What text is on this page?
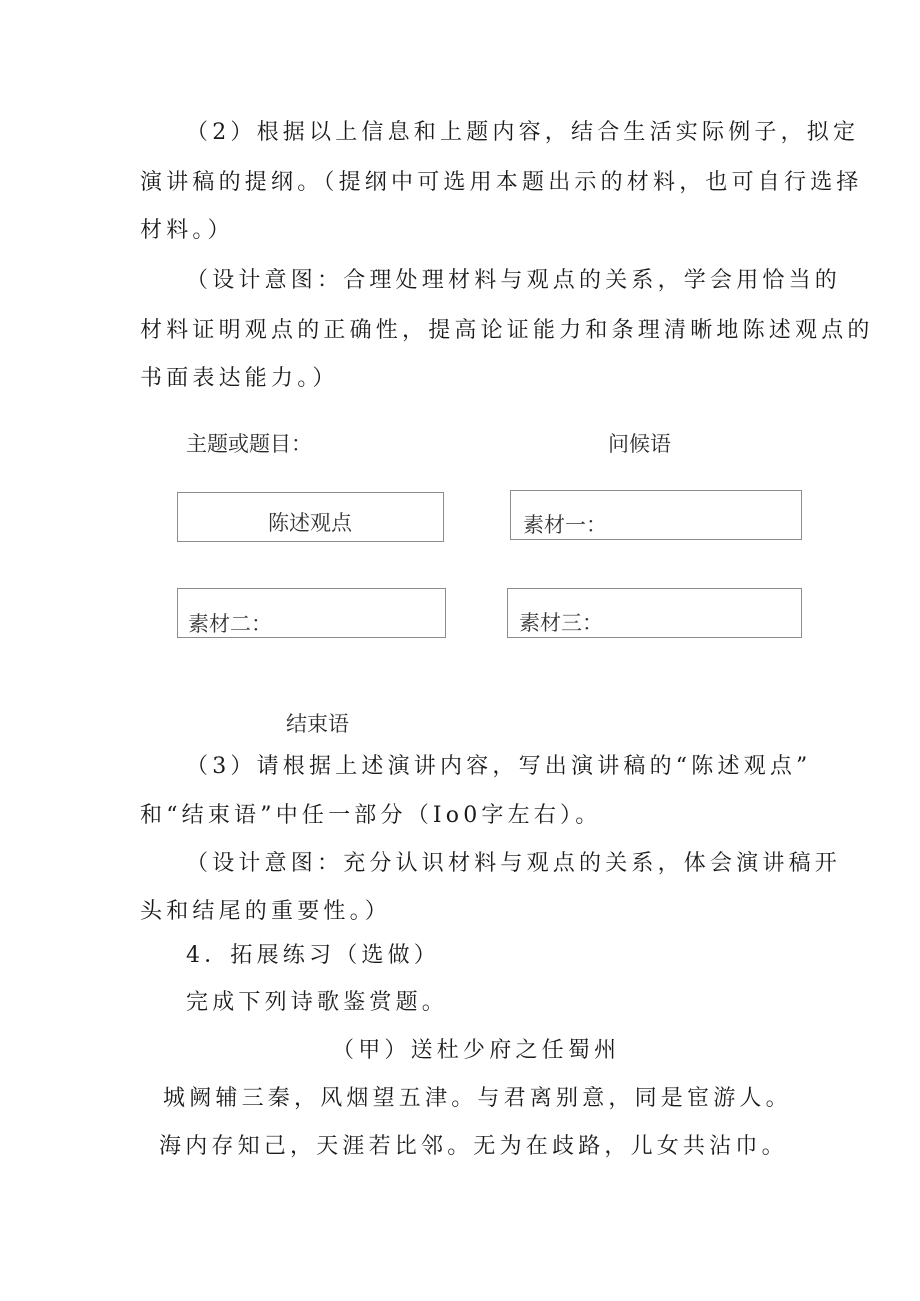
（2）根据以上信息和上题内容，结合生活实际例子，拟定
演讲稿的提纲。（提纲中可选用本题出示的材料，也可自行选择
材料。）
（设计意图：合理处理材料与观点的关系，学会用恰当的
材料证明观点的正确性，提高论证能力和条理清晰地陈述观点的
书面表达能力。）
主题或题目：	问候语
陈述观点	素材一：
素材二：	素材三：
结束语
（3）请根据上述演讲内容，写出演讲稿的“陈述观点”
和“结束语”中任一部分（Io0字左右）。
（设计意图：充分认识材料与观点的关系，体会演讲稿开
头和结尾的重要性。）
4．拓展练习（选做）
完成下列诗歌鉴赏题。
（甲）送杜少府之任蜀州
城阙辅三秦，风烟望五津。与君离别意，同是宦游人。
海内存知己，天涯若比邻。无为在歧路，儿女共沾巾。
